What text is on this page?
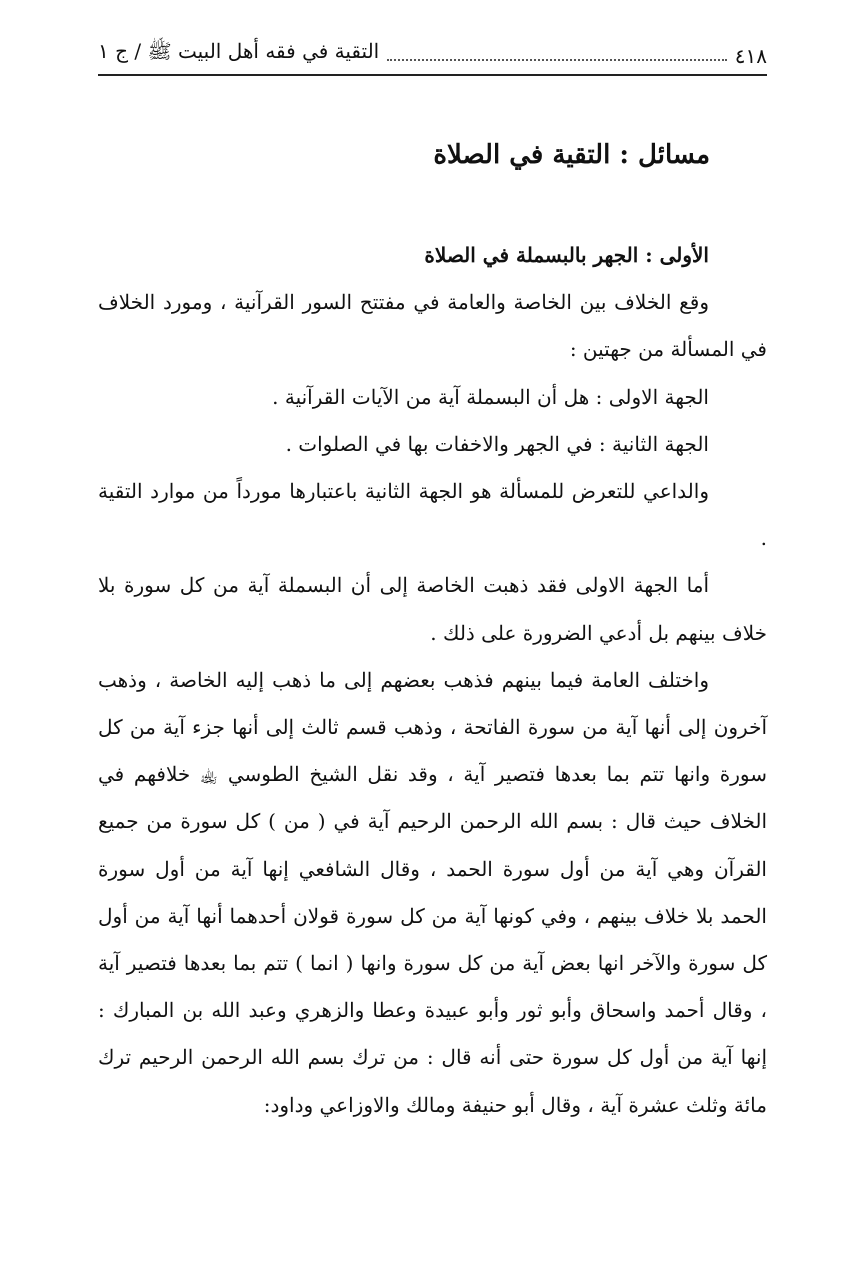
٤١٨
التقية في فقه أهل البيت ﷺ / ج ١
مسائل : التقية في الصلاة

الأولى : الجهر بالبسملة في الصلاة

وقع الخلاف بين الخاصة والعامة في مفتتح السور القرآنية ، ومورد الخلاف في المسألة من جهتين :

الجهة الاولى : هل أن البسملة آية من الآيات القرآنية .

الجهة الثانية : في الجهر والاخفات بها في الصلوات .

والداعي للتعرض للمسألة هو الجهة الثانية باعتبارها مورداً من موارد التقية .

أما الجهة الاولى فقد ذهبت الخاصة إلى أن البسملة آية من كل سورة بلا خلاف بينهم بل أدعي الضرورة على ذلك .

واختلف العامة فيما بينهم فذهب بعضهم إلى ما ذهب إليه الخاصة ، وذهب آخرون إلى أنها آية من سورة الفاتحة ، وذهب قسم ثالث إلى أنها جزء آية من كل سورة وانها تتم بما بعدها فتصير آية ، وقد نقل الشيخ الطوسي ﵀ خلافهم في الخلاف حيث قال : بسم الله الرحمن الرحيم آية في ( من ) كل سورة من جميع القرآن وهي آية من أول سورة الحمد ، وقال الشافعي إنها آية من أول سورة الحمد بلا خلاف بينهم ، وفي كونها آية من كل سورة قولان أحدهما أنها آية من أول كل سورة والآخر انها بعض آية من كل سورة وانها ( انما ) تتم بما بعدها فتصير آية ، وقال أحمد واسحاق وأبو ثور وأبو عبيدة وعطا والزهري وعبد الله بن المبارك : إنها آية من أول كل سورة حتى أنه قال : من ترك بسم الله الرحمن الرحيم ترك مائة وثلث عشرة آية ، وقال أبو حنيفة ومالك والاوزاعي وداود:
